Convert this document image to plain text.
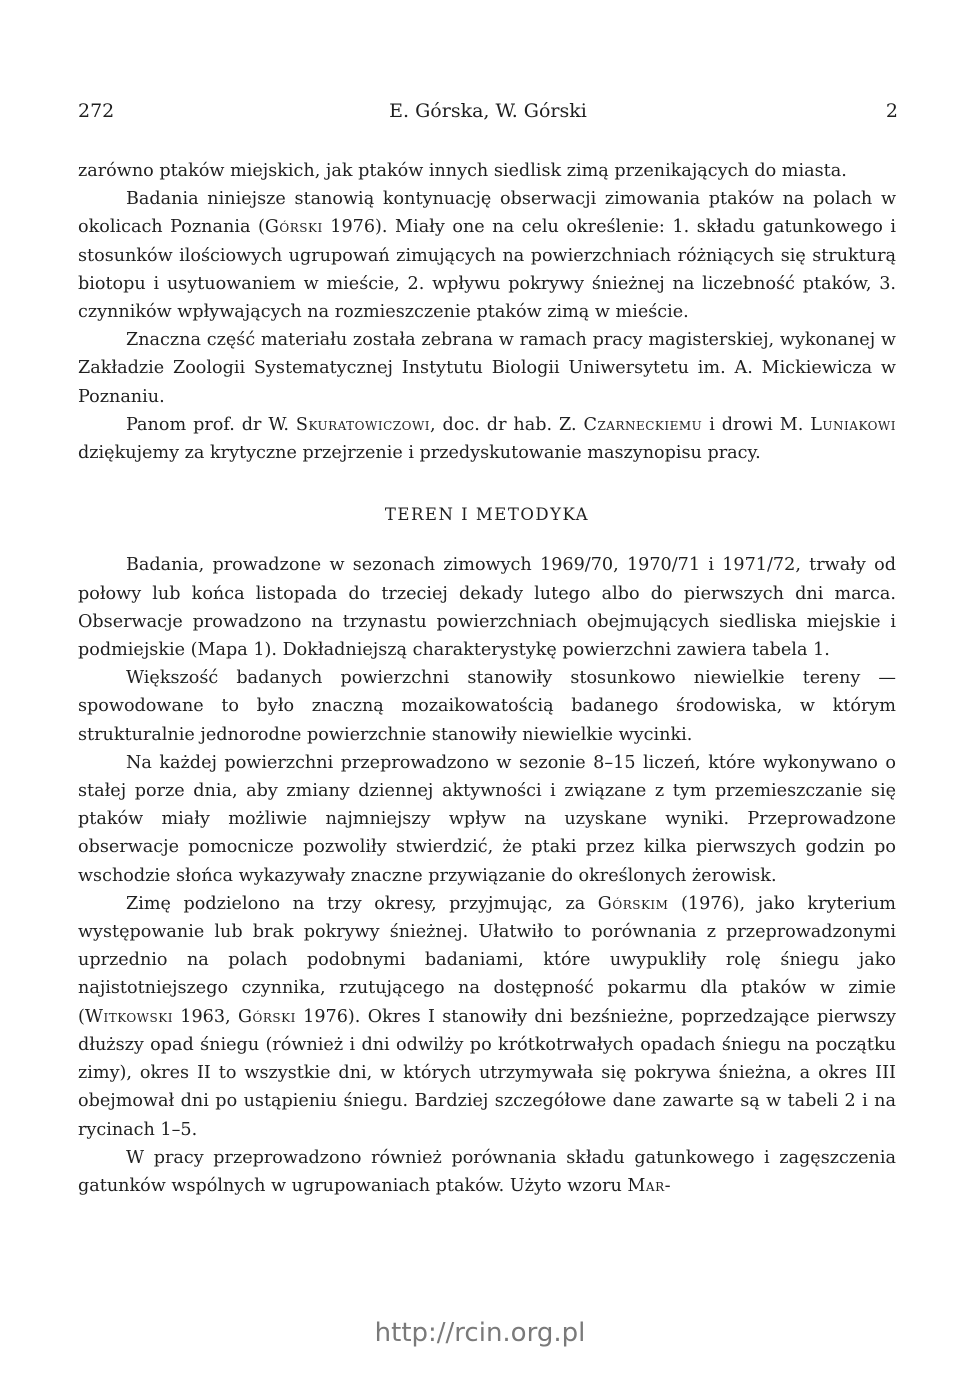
272	E. Górska, W. Górski	2

zarówno ptaków miejskich, jak ptaków innych siedlisk zimą przenikających do miasta.

Badania niniejsze stanowią kontynuację obserwacji zimowania ptaków na polach w okolicach Poznania (Górski 1976). Miały one na celu określenie: 1. składu gatunkowego i stosunków ilościowych ugrupowań zimujących na powierzchniach różniących się strukturą biotopu i usytuowaniem w mieście, 2. wpływu pokrywy śnieżnej na liczebność ptaków, 3. czynników wpływających na rozmieszczenie ptaków zimą w mieście.

Znaczna część materiału została zebrana w ramach pracy magisterskiej, wykonanej w Zakładzie Zoologii Systematycznej Instytutu Biologii Uniwersytetu im. A. Mickiewicza w Poznaniu.

Panom prof. dr W. Skuratowiczowi, doc. dr hab. Z. Czarneckiemu i drowi M. Luniakowi dziękujemy za krytyczne przejrzenie i przedyskutowanie maszynopisu pracy.

TEREN I METODYKA

Badania, prowadzone w sezonach zimowych 1969/70, 1970/71 i 1971/72, trwały od połowy lub końca listopada do trzeciej dekady lutego albo do pierwszych dni marca. Obserwacje prowadzono na trzynastu powierzchniach obejmujących siedliska miejskie i podmiejskie (Mapa 1). Dokładniejszą charakterystykę powierzchni zawiera tabela 1.

Większość badanych powierzchni stanowiły stosunkowo niewielkie tereny — spowodowane to było znaczną mozaikowatością badanego środowiska, w którym strukturalnie jednorodne powierzchnie stanowiły niewielkie wycinki.

Na każdej powierzchni przeprowadzono w sezonie 8–15 liczeń, które wykonywano o stałej porze dnia, aby zmiany dziennej aktywności i związane z tym przemieszczanie się ptaków miały możliwie najmniejszy wpływ na uzyskane wyniki. Przeprowadzone obserwacje pomocnicze pozwoliły stwierdzić, że ptaki przez kilka pierwszych godzin po wschodzie słońca wykazywały znaczne przywiązanie do określonych żerowisk.

Zimę podzielono na trzy okresy, przyjmując, za Górskim (1976), jako kryterium występowanie lub brak pokrywy śnieżnej. Ułatwiło to porównania z przeprowadzonymi uprzednio na polach podobnymi badaniami, które uwypukliły rolę śniegu jako najistotniejszego czynnika, rzutującego na dostępność pokarmu dla ptaków w zimie (Witkowski 1963, Górski 1976). Okres I stanowiły dni bezśnieżne, poprzedzające pierwszy dłuższy opad śniegu (również i dni odwilży po krótkotrwałych opadach śniegu na początku zimy), okres II to wszystkie dni, w których utrzymywała się pokrywa śnieżna, a okres III obejmował dni po ustąpieniu śniegu. Bardziej szczegółowe dane zawarte są w tabeli 2 i na rycinach 1–5.

W pracy przeprowadzono również porównania składu gatunkowego i zagęszczenia gatunków wspólnych w ugrupowaniach ptaków. Użyto wzoru Mar-

http://rcin.org.pl
